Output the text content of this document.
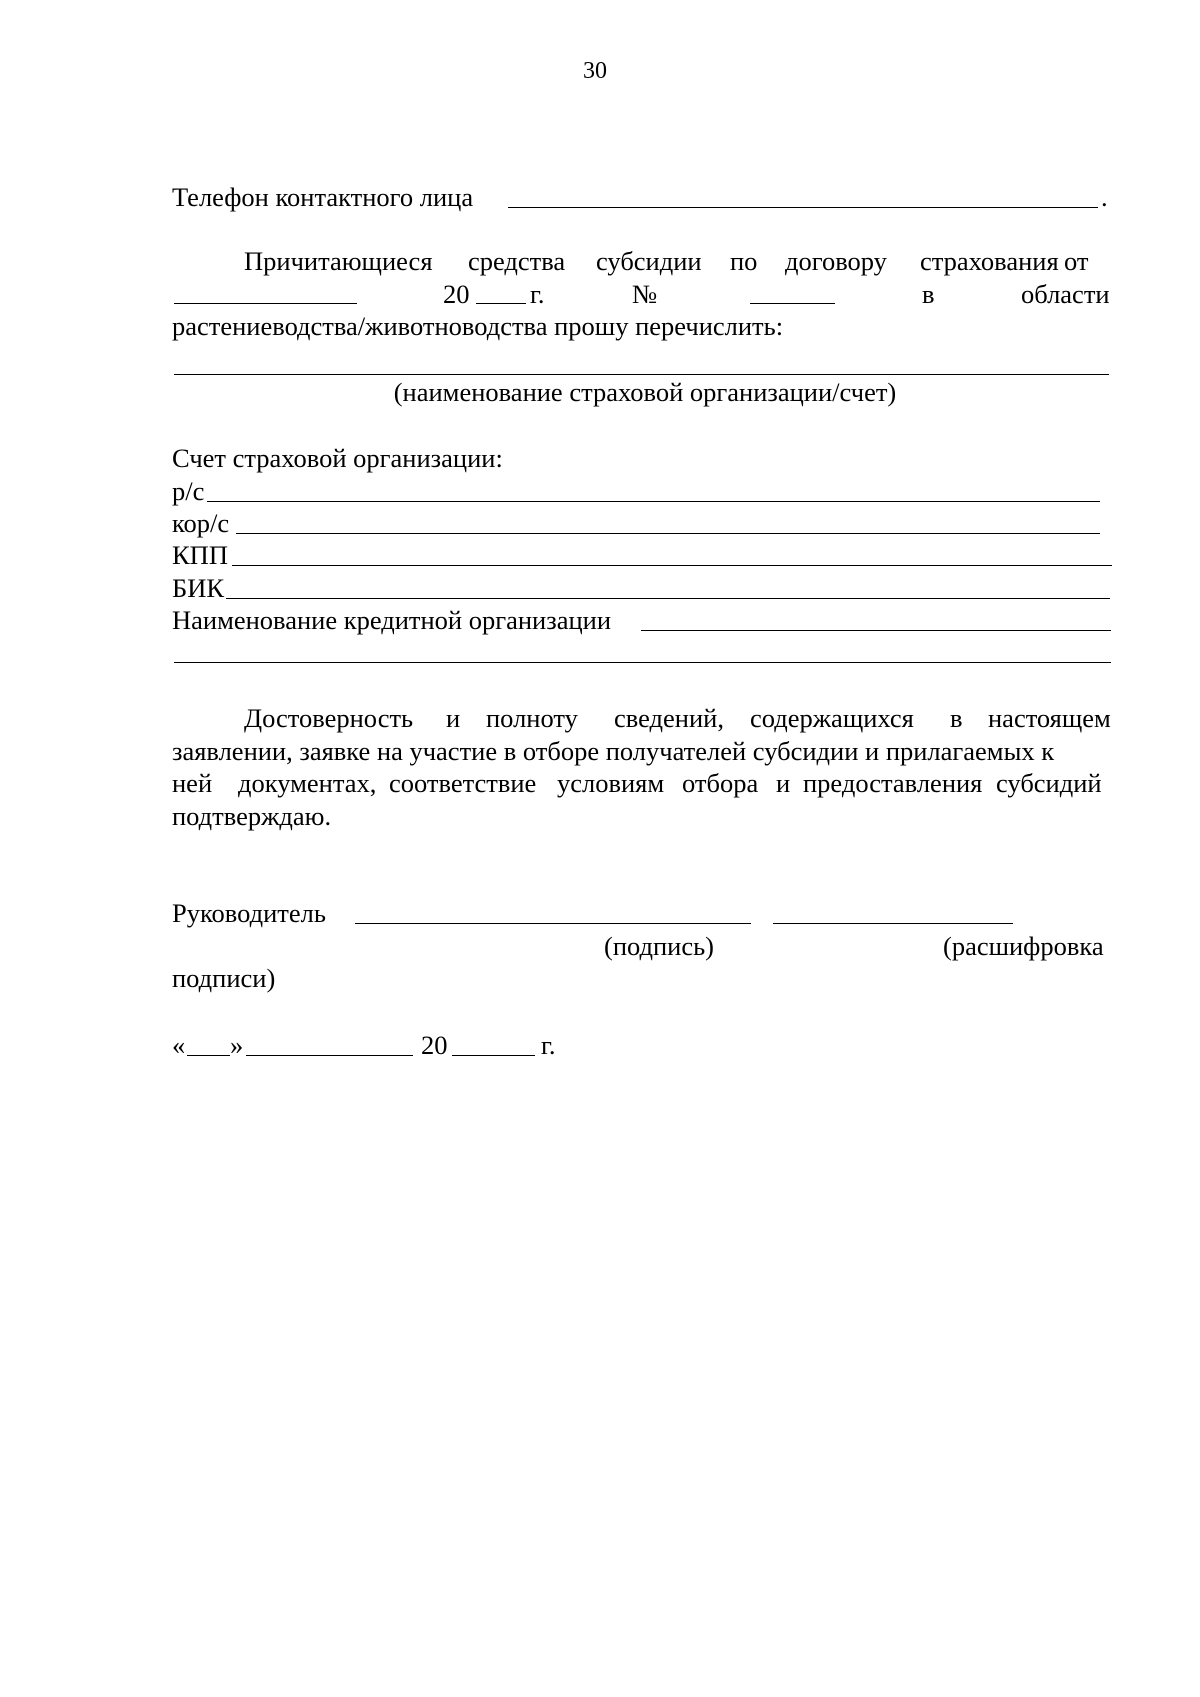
30
Телефон контактного лица	.
Причитающиеся средства субсидии по договору страхования от
20 г.	№	в	области
растениеводства/животноводства прошу перечислить:
(наименование страховой организации/счет)
Счет страховой организации:
р/с
кор/с
КПП
БИК
Наименование кредитной организации
Достоверность и полноту сведений, содержащихся в настоящем
заявлении, заявке на участие в отборе получателей субсидии и прилагаемых к
ней документах, соответствие условиям отбора и предоставления субсидий
подтверждаю.
Руководитель
(подпись)	(расшифровка
подписи)
« »	20	г.
